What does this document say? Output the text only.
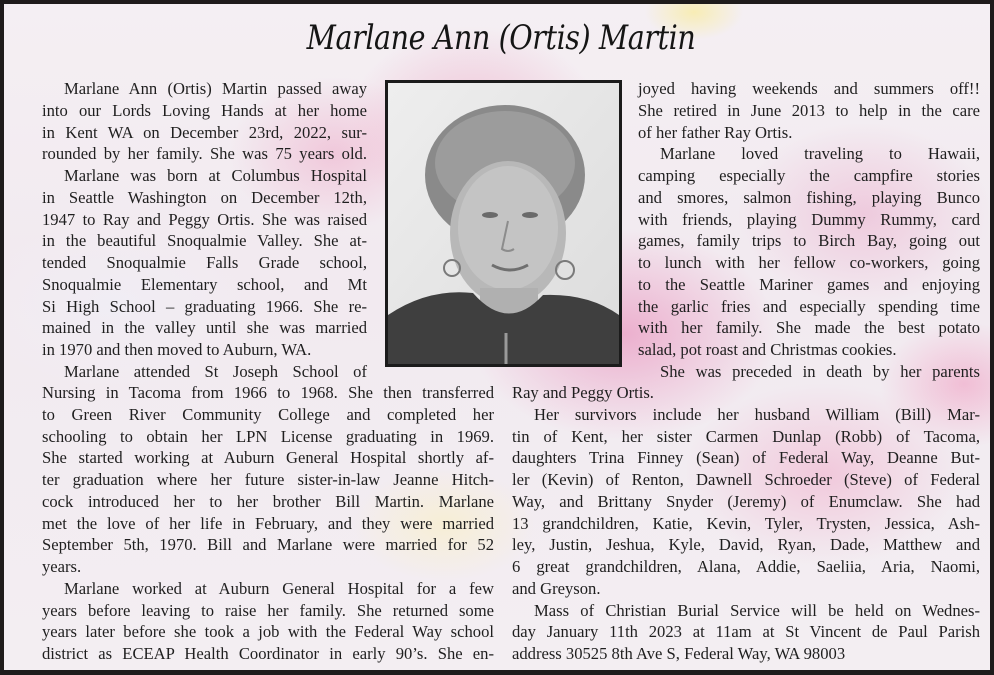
Marlane Ann (Ortis) Martin
Marlane Ann (Ortis) Martin passed away
into our Lords Loving Hands at her home
in Kent WA on December 23rd, 2022, sur-
rounded by her family. She was 75 years old.
Marlane was born at Columbus Hospital
in Seattle Washington on December 12th,
1947 to Ray and Peggy Ortis. She was raised
in the beautiful Snoqualmie Valley. She at-
tended Snoqualmie Falls Grade school,
Snoqualmie Elementary school, and Mt
Si High School – graduating 1966. She re-
mained in the valley until she was married
in 1970 and then moved to Auburn, WA.
Marlane attended St Joseph School of
Nursing in Tacoma from 1966 to 1968. She then transferred
to Green River Community College and completed her
schooling to obtain her LPN License graduating in 1969.
She started working at Auburn General Hospital shortly af-
ter graduation where her future sister-in-law Jeanne Hitch-
cock introduced her to her brother Bill Martin. Marlane
met the love of her life in February, and they were married
September 5th, 1970. Bill and Marlane were married for 52
years.
Marlane worked at Auburn General Hospital for a few
years before leaving to raise her family. She returned some
years later before she took a job with the Federal Way school
district as ECEAP Health Coordinator in early 90’s. She en-
joyed having weekends and summers off!!
She retired in June 2013 to help in the care
of her father Ray Ortis.
Marlane loved traveling to Hawaii,
camping especially the campfire stories
and smores, salmon fishing, playing Bunco
with friends, playing Dummy Rummy, card
games, family trips to Birch Bay, going out
to lunch with her fellow co-workers, going
to the Seattle Mariner games and enjoying
the garlic fries and especially spending time
with her family. She made the best potato
salad, pot roast and Christmas cookies.
She was preceded in death by her parents
Ray and Peggy Ortis.
Her survivors include her husband William (Bill) Mar-
tin of Kent, her sister Carmen Dunlap (Robb) of Tacoma,
daughters Trina Finney (Sean) of Federal Way, Deanne But-
ler (Kevin) of Renton, Dawnell Schroeder (Steve) of Federal
Way, and Brittany Snyder (Jeremy) of Enumclaw. She had
13 grandchildren, Katie, Kevin, Tyler, Trysten, Jessica, Ash-
ley, Justin, Jeshua, Kyle, David, Ryan, Dade, Matthew and
6 great grandchildren, Alana, Addie, Saeliia, Aria, Naomi,
and Greyson.
Mass of Christian Burial Service will be held on Wednes-
day January 11th 2023 at 11am at St Vincent de Paul Parish
address 30525 8th Ave S, Federal Way, WA 98003
